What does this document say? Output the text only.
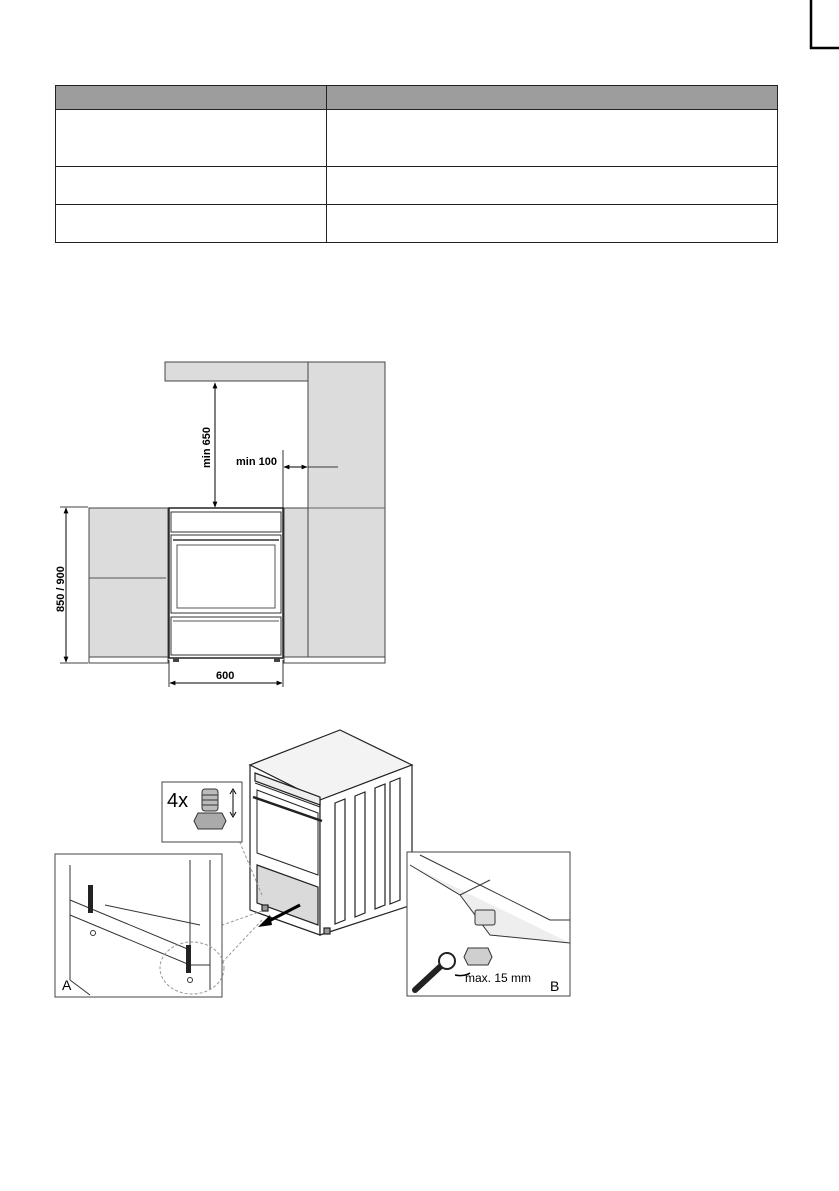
min 650 min 100
850 / 900
600
4x
A	max. 15 mm B
